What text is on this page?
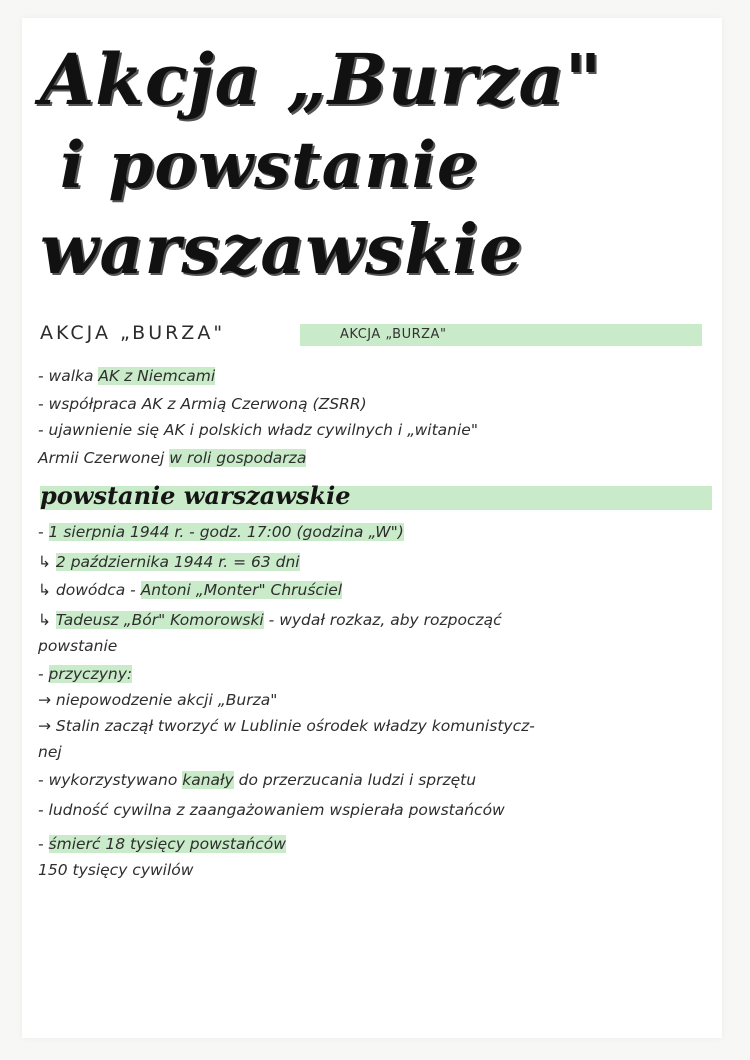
Akcja „Burza"
i powstanie
warszawskie
AKCJA „BURZA"	AKCJA „BURZA"
- walka AK z Niemcami
- współpraca AK z Armią Czerwoną (ZSRR)
- ujawnienie się AK i polskich władz cywilnych i „witanie"
Armii Czerwonej w roli gospodarza
powstanie warszawskie
- 1 sierpnia 1944 r. - godz. 17:00 (godzina „W")
↳ 2 października 1944 r. = 63 dni
↳ dowódca - Antoni „Monter" Chruściel
↳ Tadeusz „Bór" Komorowski - wydał rozkaz, aby rozpocząć
powstanie
- przyczyny:
→ niepowodzenie akcji „Burza"
→ Stalin zaczął tworzyć w Lublinie ośrodek władzy komunistycz-
nej
- wykorzystywano kanały do przerzucania ludzi i sprzętu
- ludność cywilna z zaangażowaniem wspierała powstańców
- śmierć 18 tysięcy powstańców
150 tysięcy cywilów
